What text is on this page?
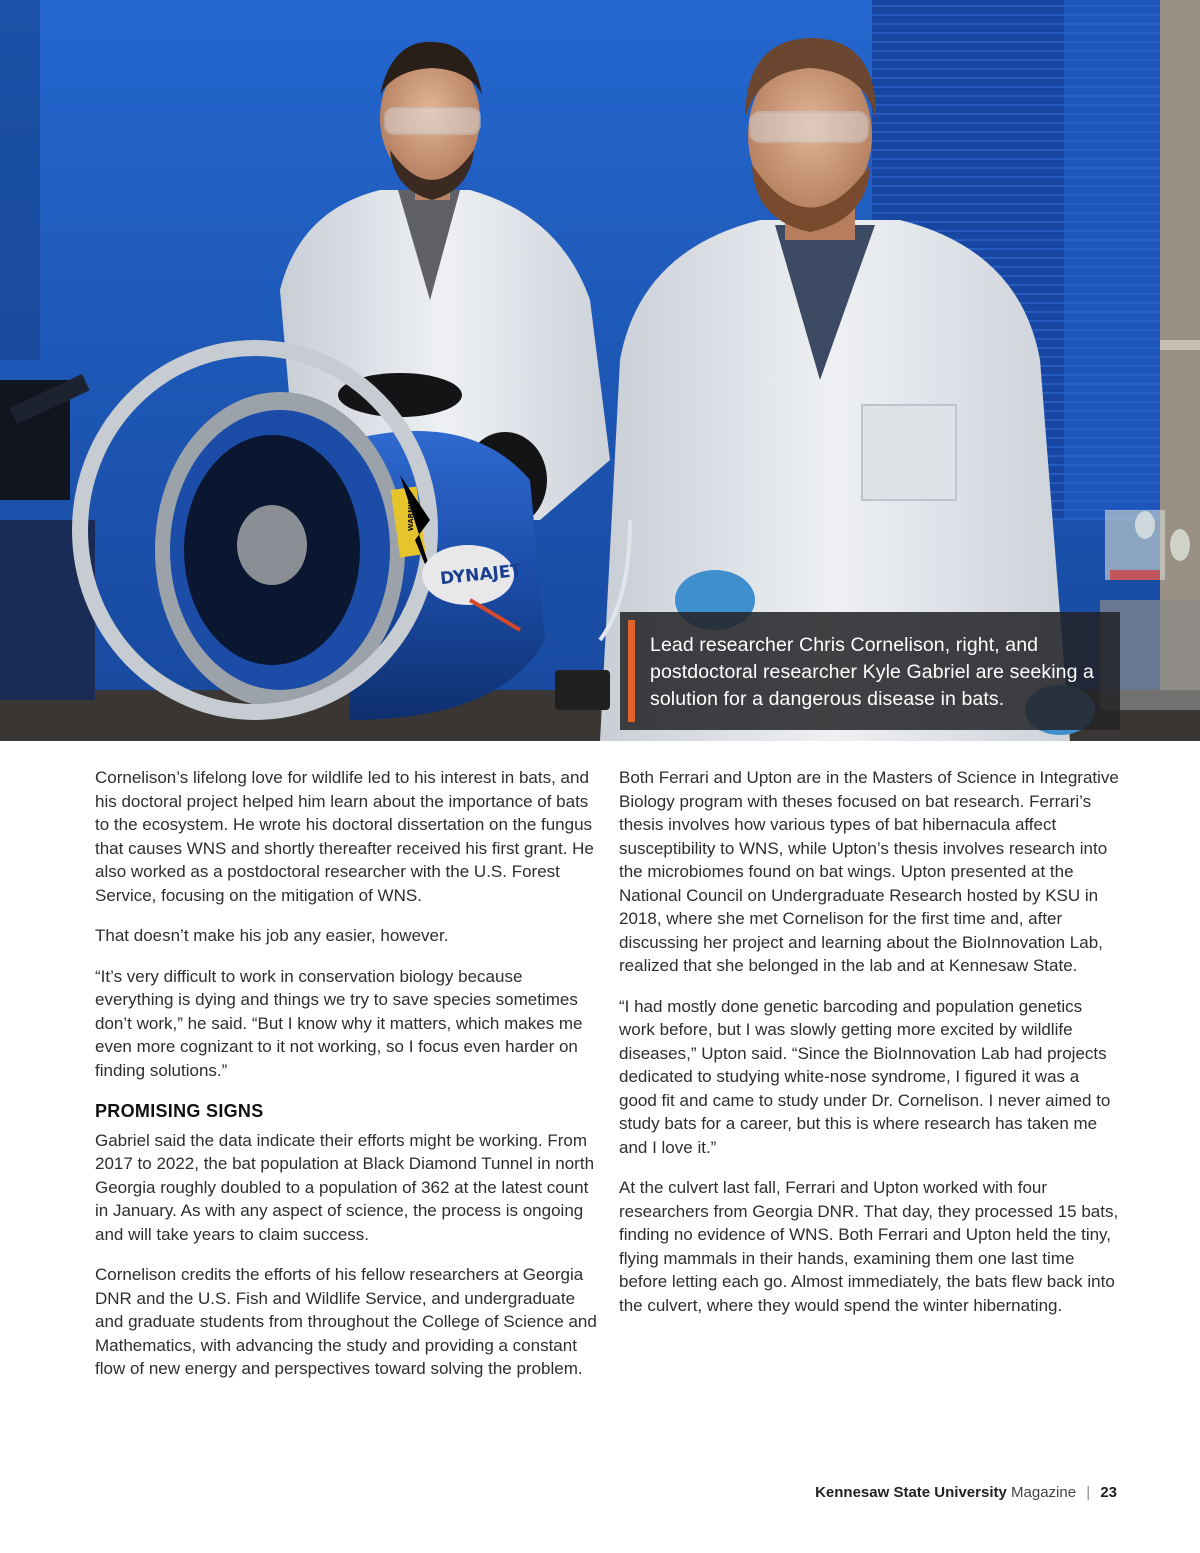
DYNAJET
WARNING
Lead researcher Chris Cornelison, right, and postdoctoral researcher Kyle Gabriel are seeking a solution for a dangerous disease in bats.

Cornelison’s lifelong love for wildlife led to his interest in bats, and his doctoral project helped him learn about the importance of bats to the ecosystem. He wrote his doctoral dissertation on the fungus that causes WNS and shortly thereafter received his first grant. He also worked as a postdoctoral researcher with the U.S. Forest Service, focusing on the mitigation of WNS.

That doesn’t make his job any easier, however.

“It’s very difficult to work in conservation biology because everything is dying and things we try to save species sometimes don’t work,” he said. “But I know why it matters, which makes me even more cognizant to it not working, so I focus even harder on finding solutions.”

PROMISING SIGNS

Gabriel said the data indicate their efforts might be working. From 2017 to 2022, the bat population at Black Diamond Tunnel in north Georgia roughly doubled to a population of 362 at the latest count in January. As with any aspect of science, the process is ongoing and will take years to claim success.

Cornelison credits the efforts of his fellow researchers at Georgia DNR and the U.S. Fish and Wildlife Service, and undergraduate and graduate students from throughout the College of Science and Mathematics, with advancing the study and providing a constant flow of new energy and perspectives toward solving the problem.

Both Ferrari and Upton are in the Masters of Science in Integrative Biology program with theses focused on bat research. Ferrari’s thesis involves how various types of bat hibernacula affect susceptibility to WNS, while Upton’s thesis involves research into the microbiomes found on bat wings. Upton presented at the National Council on Undergraduate Research hosted by KSU in 2018, where she met Cornelison for the first time and, after discussing her project and learning about the BioInnovation Lab, realized that she belonged in the lab and at Kennesaw State.

“I had mostly done genetic barcoding and population genetics work before, but I was slowly getting more excited by wildlife diseases,” Upton said. “Since the BioInnovation Lab had projects dedicated to studying white-nose syndrome, I figured it was a good fit and came to study under Dr. Cornelison. I never aimed to study bats for a career, but this is where research has taken me and I love it.”

At the culvert last fall, Ferrari and Upton worked with four researchers from Georgia DNR. That day, they processed 15 bats, finding no evidence of WNS. Both Ferrari and Upton held the tiny, flying mammals in their hands, examining them one last time before letting each go. Almost immediately, the bats flew back into the culvert, where they would spend the winter hibernating.

Kennesaw State University Magazine | 23
